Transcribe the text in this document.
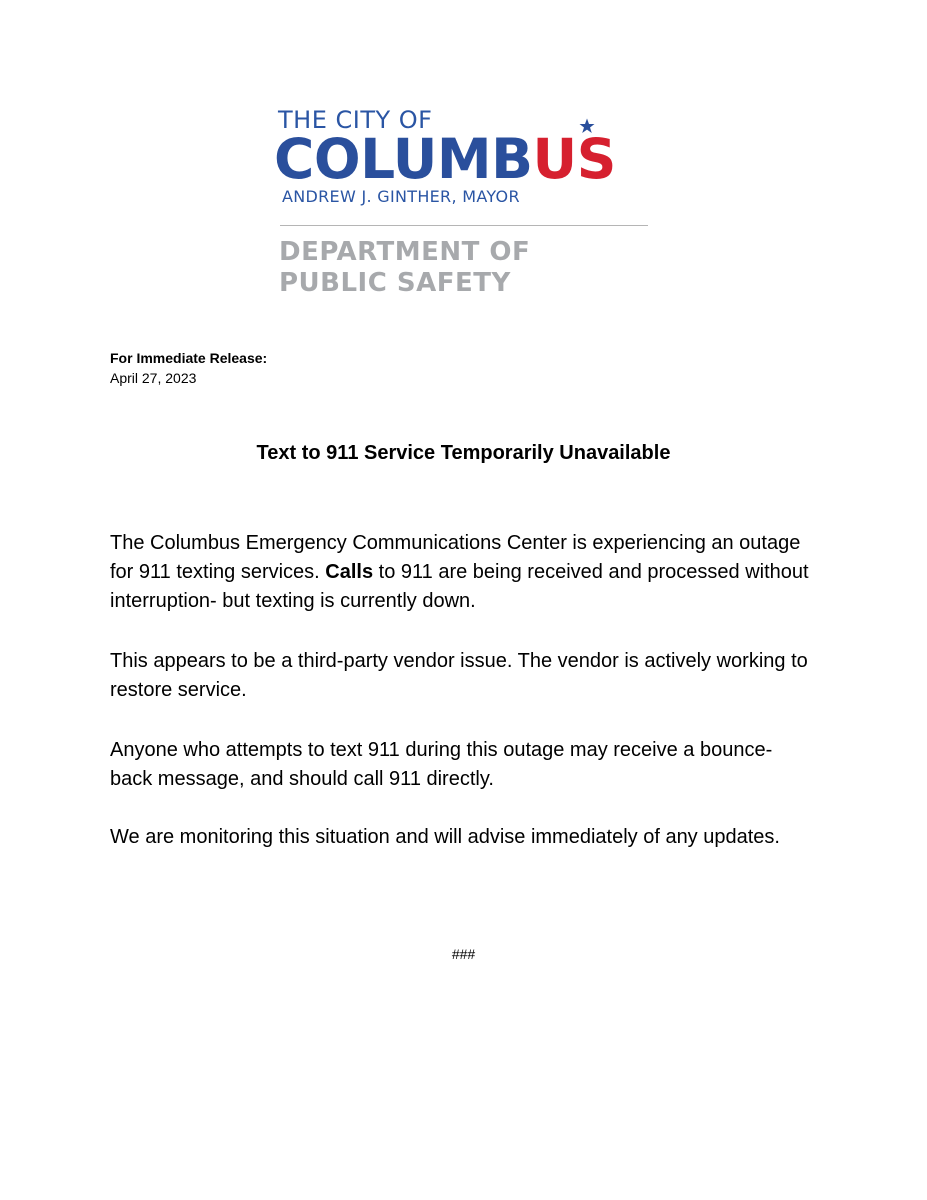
THE CITY OF
COLUMBUS
ANDREW J. GINTHER, MAYOR
DEPARTMENT OF
PUBLIC SAFETY
For Immediate Release:
April 27, 2023
Text to 911 Service Temporarily Unavailable

The Columbus Emergency Communications Center is experiencing an outage for 911 texting services. Calls to 911 are being received and processed without interruption- but texting is currently down.

This appears to be a third-party vendor issue. The vendor is actively working to restore service.

Anyone who attempts to text 911 during this outage may receive a bounce-back message, and should call 911 directly.

We are monitoring this situation and will advise immediately of any updates.

###
